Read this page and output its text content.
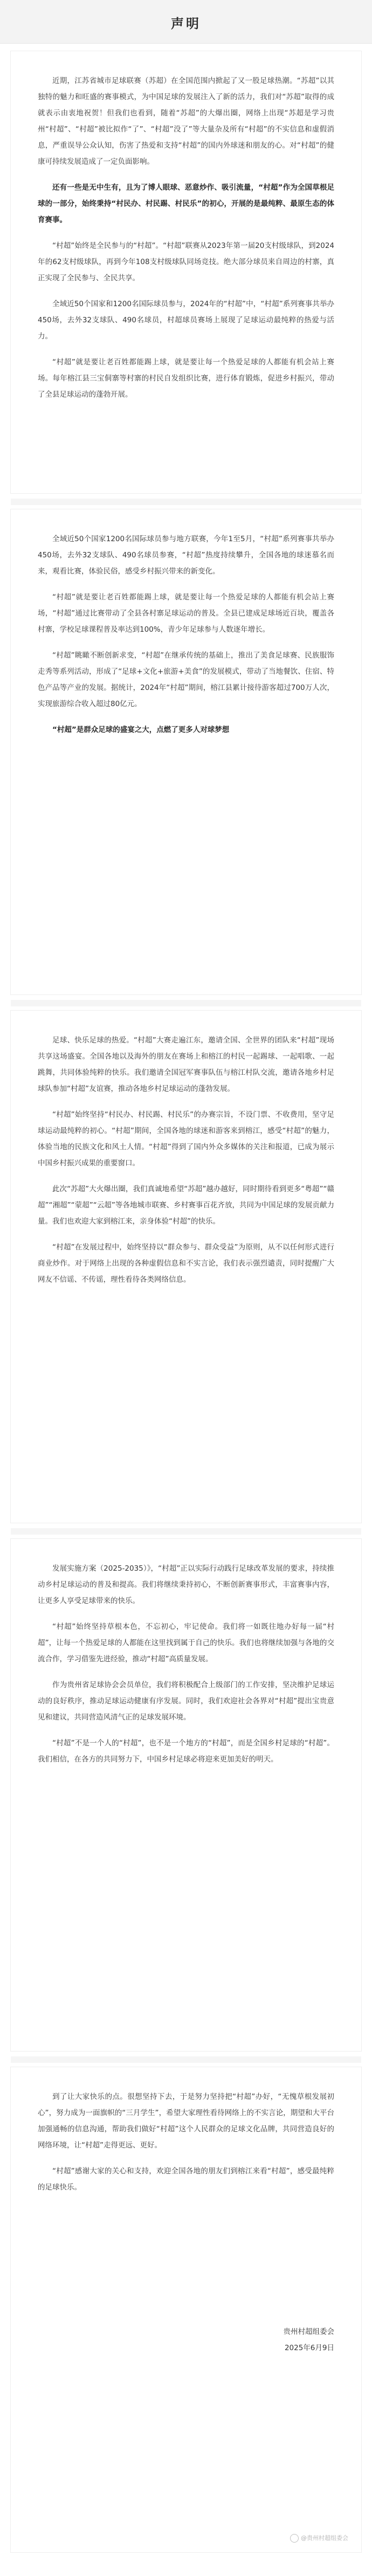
声明

近期，江苏省城市足球联赛（苏超）在全国范围内掀起了又一股足球热潮。“苏超”以其独特的魅力和旺盛的赛事模式，为中国足球的发展注入了新的活力，我们对“苏超”取得的成就表示由衷地祝贺！但我们也看到，随着“苏超”的大爆出圈，网络上出现“苏超是学习贵州“村超”、“村超”被比拟作“了”、“村超”没了”等大量杂及所有“村超”的不实信息和虚假消息，严重误导公众认知，伤害了热爱和支持“村超”的国内外球迷和朋友的心。对“村超”的健康可持续发展造成了一定负面影响。

还有一些是无中生有，且为了博人眼球、恶意炒作、吸引流量，“村超”作为全国草根足球的一部分，始终秉持“村民办、村民踢、村民乐”的初心，开展的是最纯粹、最原生态的体育赛事。

“村超”始终是全民参与的“村超”。“村超”联赛从2023年第一届20支村级球队，到2024年的62支村级球队，再到今年108支村级球队同场竞技。绝大部分球员来自周边的村寨，真正实现了全民参与、全民共享。

全域近50个国家和1200名国际球员参与，2024年的“村超”中，“村超”系列赛事共举办450场，去外32支球队、490名球员，村超球员赛场上展现了足球运动最纯粹的热爱与活力。

“村超”就是要让老百姓都能踢上球，就是要让每一个热爱足球的人都能有机会站上赛场。每年榕江县三宝侗寨等村寨的村民自发组织比赛，进行体育锻炼，促进乡村振兴，带动了全县足球运动的蓬勃开展。

全域近50个国家1200名国际球员参与地方联赛，今年1至5月，“村超”系列赛事共举办450场，去外32支球队、490名球员参赛，“村超”热度持续攀升，全国各地的球迷慕名而来，观看比赛，体验民俗，感受乡村振兴带来的新变化。

“村超”就是要让老百姓都能踢上球，就是要让每一个热爱足球的人都能有机会站上赛场，“村超”通过比赛带动了全县各村寨足球运动的普及。全县已建成足球场近百块，覆盖各村寨，学校足球课程普及率达到100%，青少年足球参与人数逐年增长。

“村超”眺瞰不断创新求变，“村超”在继承传统的基础上，推出了美食足球赛、民族服饰走秀等系列活动，形成了“足球+文化+旅游+美食”的发展模式，带动了当地餐饮、住宿、特色产品等产业的发展。据统计，2024年“村超”期间，榕江县累计接待游客超过700万人次，实现旅游综合收入超过80亿元。

“村超”是群众足球的盛宴之大，点燃了更多人对球梦想

足球、快乐足球的热爱。“村超”大赛走遍江东，邀请全国、全世界的团队来“村超”现场共享这场盛宴。全国各地以及海外的朋友在赛场上和榕江的村民一起踢球、一起唱歌、一起跳舞，共同体验纯粹的快乐。我们邀请全国冠军赛事队伍与榕江村队交流，邀请各地乡村足球队参加“村超”友谊赛，推动各地乡村足球运动的蓬勃发展。

“村超”始终坚持“村民办、村民踢、村民乐”的办赛宗旨，不设门票、不收费用，坚守足球运动最纯粹的初心。“村超”期间，全国各地的球迷和游客来到榕江，感受“村超”的魅力，体验当地的民族文化和风土人情。“村超”得到了国内外众多媒体的关注和报道，已成为展示中国乡村振兴成果的重要窗口。

此次“苏超”大火爆出圈，我们真诚地希望“苏超”越办越好，同时期待看到更多“粤超”“赣超”“湘超”“蒙超”“云超”等各地城市联赛、乡村赛事百花齐放，共同为中国足球的发展贡献力量。我们也欢迎大家到榕江来，亲身体验“村超”的快乐。

“村超”在发展过程中，始终坚持以“群众参与、群众受益”为原则，从不以任何形式进行商业炒作。对于网络上出现的各种虚假信息和不实言论，我们表示强烈谴责，同时提醒广大网友不信谣、不传谣，理性看待各类网络信息。

发展实施方案（2025-2035）》，“村超”正以实际行动践行足球改革发展的要求，持续推动乡村足球运动的普及和提高。我们将继续秉持初心，不断创新赛事形式，丰富赛事内容，让更多人享受足球带来的快乐。

“村超”始终坚持草根本色，不忘初心，牢记使命。我们将一如既往地办好每一届“村超”，让每一个热爱足球的人都能在这里找到属于自己的快乐。我们也将继续加强与各地的交流合作，学习借鉴先进经验，推动“村超”高质量发展。

作为贵州省足球协会会员单位，我们将积极配合上级部门的工作安排，坚决维护足球运动的良好秩序，推动足球运动健康有序发展。同时，我们欢迎社会各界对“村超”提出宝贵意见和建议，共同营造风清气正的足球发展环境。

“村超”不是一个人的“村超”，也不是一个地方的“村超”，而是全国乡村足球的“村超”。我们相信，在各方的共同努力下，中国乡村足球必将迎来更加美好的明天。

到了让大家快乐的点。很想坚持下去，于是努力坚持把“村超”办好，“无愧草根发展初心”，努力成为一面旗帜的“三月学生”，希望大家理性看待网络上的不实言论，期望和大平台加强通畅的信息沟通，帮助我们做好“村超”这个人民群众的足球文化品牌，共同营造良好的网络环境，让“村超”走得更远、更好。

“村超”感谢大家的关心和支持，欢迎全国各地的朋友们到榕江来看“村超”，感受最纯粹的足球快乐。

贵州村超组委会

2025年6月9日

@贵州村超组委会
